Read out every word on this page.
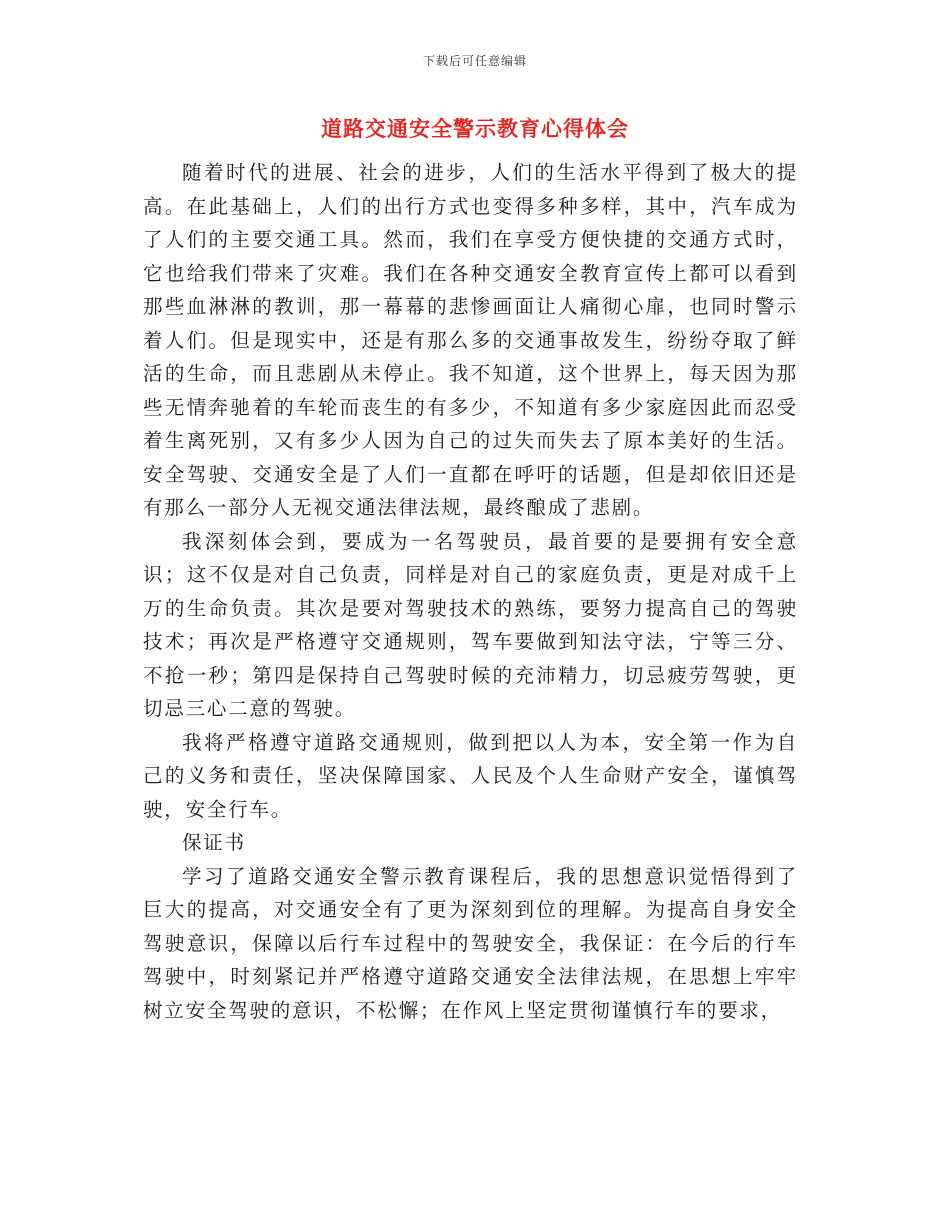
下载后可任意编辑
道路交通安全警示教育心得体会

随着时代的进展、社会的进步，人们的生活水平得到了极大的提高。在此基础上，人们的出行方式也变得多种多样，其中，汽车成为了人们的主要交通工具。然而，我们在享受方便快捷的交通方式时，它也给我们带来了灾难。我们在各种交通安全教育宣传上都可以看到那些血淋淋的教训，那一幕幕的悲惨画面让人痛彻心扉，也同时警示着人们。但是现实中，还是有那么多的交通事故发生，纷纷夺取了鲜活的生命，而且悲剧从未停止。我不知道，这个世界上，每天因为那些无情奔驰着的车轮而丧生的有多少，不知道有多少家庭因此而忍受着生离死别，又有多少人因为自己的过失而失去了原本美好的生活。安全驾驶、交通安全是了人们一直都在呼吁的话题，但是却依旧还是有那么一部分人无视交通法律法规，最终酿成了悲剧。

我深刻体会到，要成为一名驾驶员，最首要的是要拥有安全意识；这不仅是对自己负责，同样是对自己的家庭负责，更是对成千上万的生命负责。其次是要对驾驶技术的熟练，要努力提高自己的驾驶技术；再次是严格遵守交通规则，驾车要做到知法守法，宁等三分、不抢一秒；第四是保持自己驾驶时候的充沛精力，切忌疲劳驾驶，更切忌三心二意的驾驶。

我将严格遵守道路交通规则，做到把以人为本，安全第一作为自己的义务和责任，坚决保障国家、人民及个人生命财产安全，谨慎驾驶，安全行车。

保证书

学习了道路交通安全警示教育课程后，我的思想意识觉悟得到了巨大的提高，对交通安全有了更为深刻到位的理解。为提高自身安全驾驶意识，保障以后行车过程中的驾驶安全，我保证：在今后的行车驾驶中，时刻紧记并严格遵守道路交通安全法律法规，在思想上牢牢树立安全驾驶的意识，不松懈；在作风上坚定贯彻谨慎行车的要求，
